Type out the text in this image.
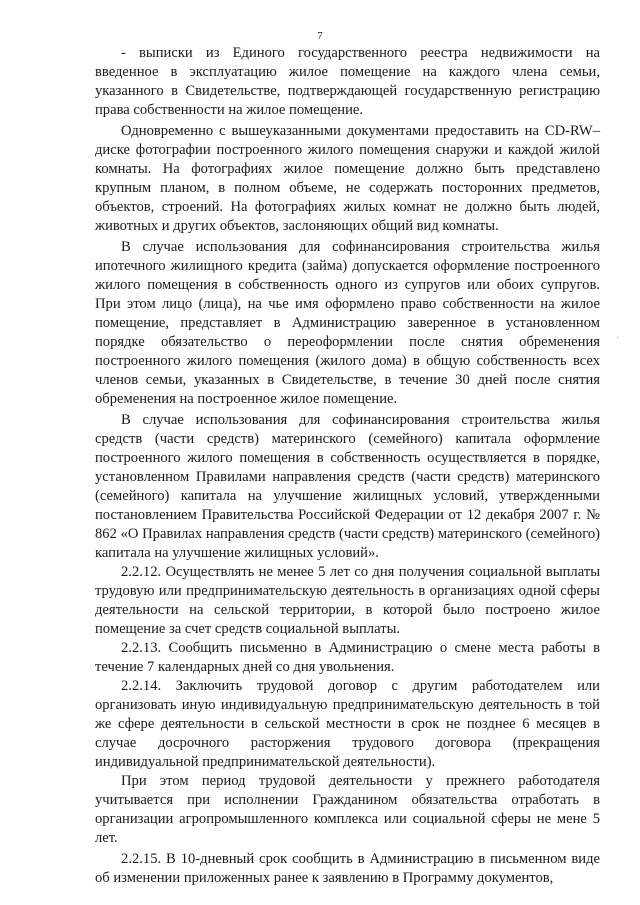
7
·

- выписки из Единого государственного реестра недвижимости на введенное в эксплуатацию жилое помещение на каждого члена семьи, указанного в Свидетельстве, подтверждающей государственную регистрацию права собственности на жилое помещение.

Одновременно с вышеуказанными документами предоставить на CD-RW–диске фотографии построенного жилого помещения снаружи и каждой жилой комнаты. На фотографиях жилое помещение должно быть представлено крупным планом, в полном объеме, не содержать посторонних предметов, объектов, строений. На фотографиях жилых комнат не должно быть людей, животных и других объектов, заслоняющих общий вид комнаты.

В случае использования для софинансирования строительства жилья ипотечного жилищного кредита (займа) допускается оформление построенного жилого помещения в собственность одного из супругов или обоих супругов. При этом лицо (лица), на чье имя оформлено право собственности на жилое помещение, представляет в Администрацию заверенное в установленном порядке обязательство о переоформлении после снятия обременения построенного жилого помещения (жилого дома) в общую собственность всех членов семьи, указанных в Свидетельстве, в течение 30 дней после снятия обременения на построенное жилое помещение.

В случае использования для софинансирования строительства жилья средств (части средств) материнского (семейного) капитала оформление построенного жилого помещения в собственность осуществляется в порядке, установленном Правилами направления средств (части средств) материнского (семейного) капитала на улучшение жилищных условий, утвержденными постановлением Правительства Российской Федерации от 12 декабря 2007 г. № 862 «О Правилах направления средств (части средств) материнского (семейного) капитала на улучшение жилищных условий».

2.2.12. Осуществлять не менее 5 лет со дня получения социальной выплаты трудовую или предпринимательскую деятельность в организациях одной сферы деятельности на сельской территории, в которой было построено жилое помещение за счет средств социальной выплаты.

2.2.13. Сообщить письменно в Администрацию о смене места работы в течение 7 календарных дней со дня увольнения.

2.2.14. Заключить трудовой договор с другим работодателем или организовать иную индивидуальную предпринимательскую деятельность в той же сфере деятельности в сельской местности в срок не позднее 6 месяцев в случае досрочного расторжения трудового договора (прекращения индивидуальной предпринимательской деятельности).

При этом период трудовой деятельности у прежнего работодателя учитывается при исполнении Гражданином обязательства отработать в организации агропромышленного комплекса или социальной сферы не мене 5 лет.

2.2.15. В 10-дневный срок сообщить в Администрацию в письменном виде об изменении приложенных ранее к заявлению в Программу документов,
